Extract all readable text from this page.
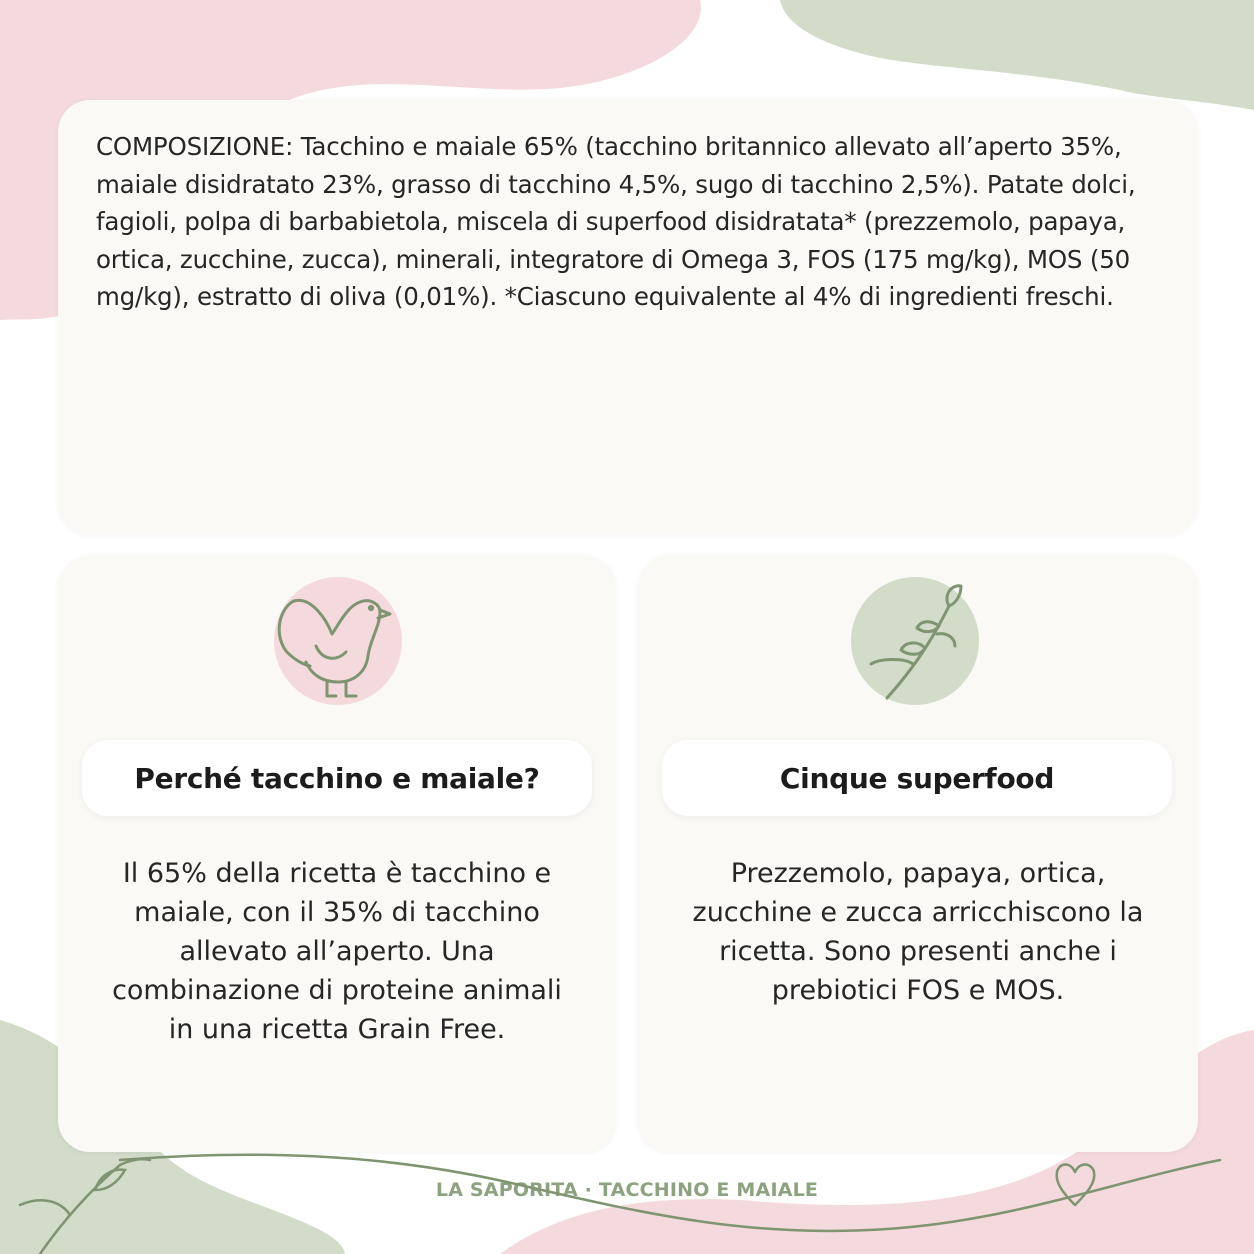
COMPOSIZIONE: Tacchino e maiale 65% (tacchino britannico allevato all’aperto 35%, maiale disidratato 23%, grasso di tacchino 4,5%, sugo di tacchino 2,5%). Patate dolci, fagioli, polpa di barbabietola, miscela di superfood disidratata* (prezzemolo, papaya, ortica, zucchine, zucca), minerali, integratore di Omega 3, FOS (175 mg/kg), MOS (50 mg/kg), estratto di oliva (0,01%). *Ciascuno equivalente al 4% di ingredienti freschi.

Perché tacchino e maiale?

Il 65% della ricetta è tacchino e maiale, con il 35% di tacchino allevato all’aperto. Una combinazione di proteine animali in una ricetta Grain Free.

Cinque superfood

Prezzemolo, papaya, ortica, zucchine e zucca arricchiscono la ricetta. Sono presenti anche i prebiotici FOS e MOS.

LA SAPORITA · TACCHINO E MAIALE
